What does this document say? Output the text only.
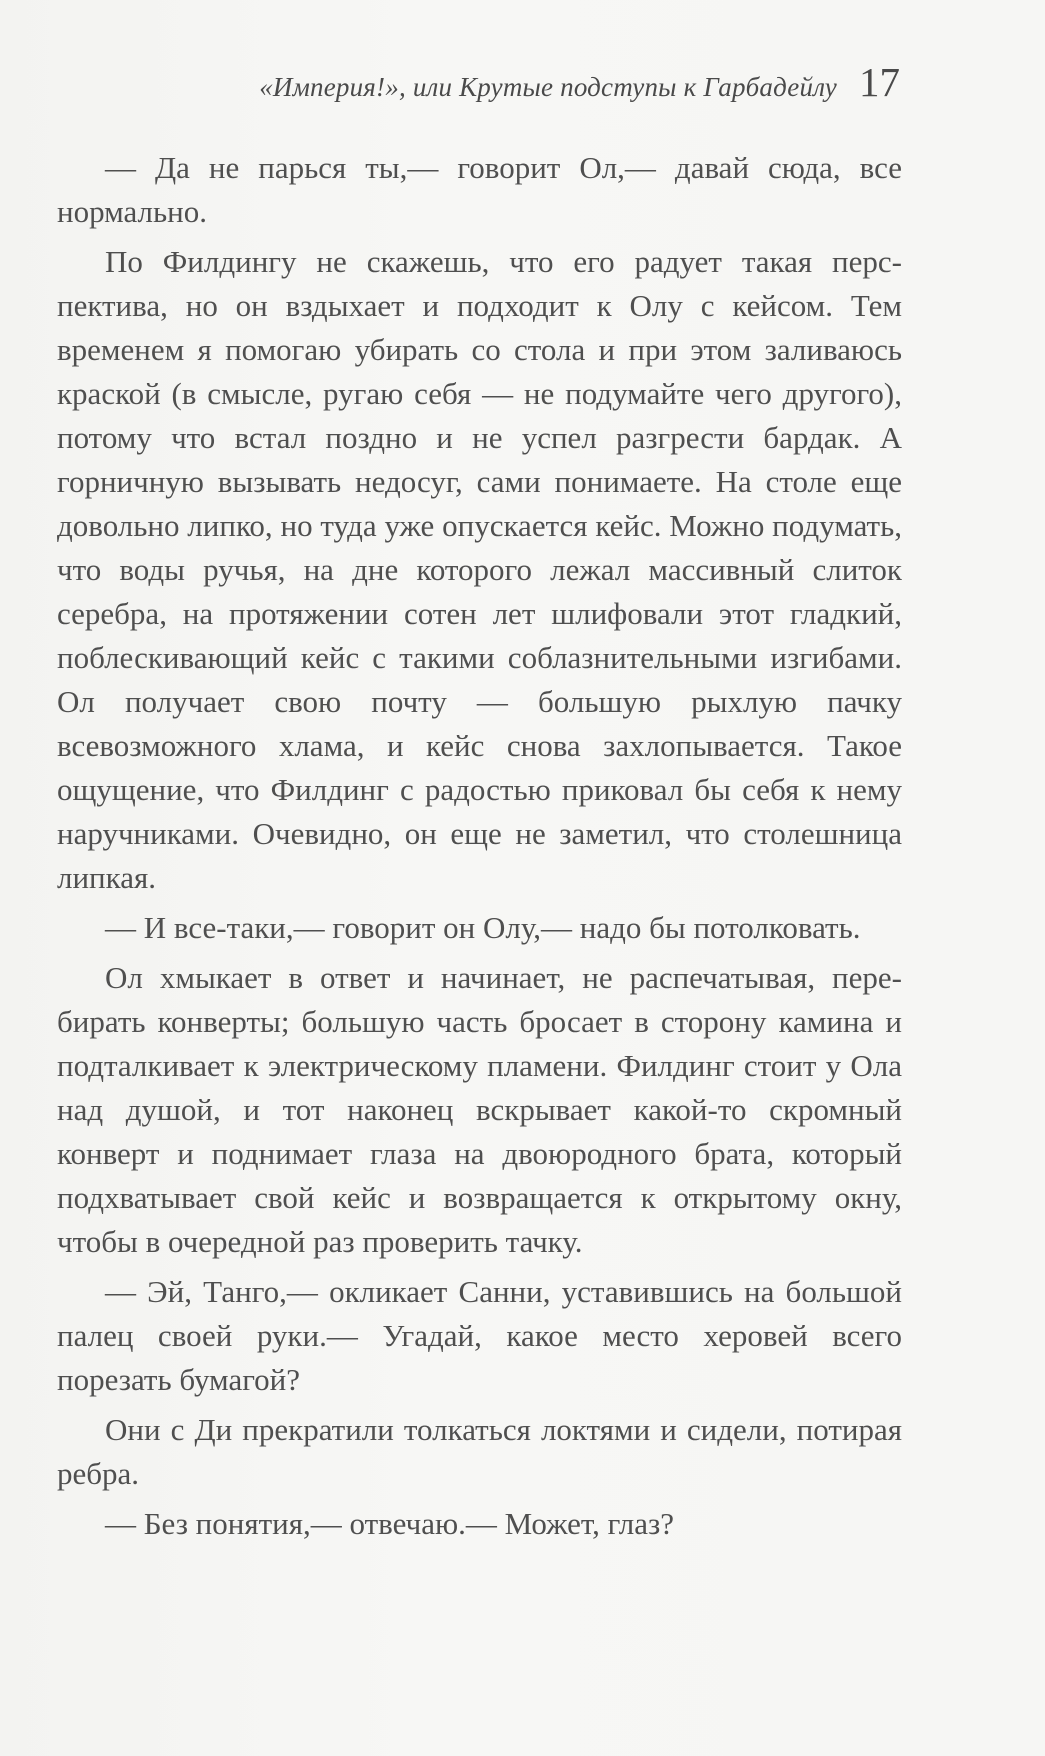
«Империя!», или Крутые подступы к Гарбадейлу 17

— Да не парься ты,— говорит Ол,— давай сюда, все нормально.

По Филдингу не скажешь, что его радует такая перспектива, но он вздыхает и подходит к Олу с кейсом. Тем временем я помогаю убирать со стола и при этом заливаюсь краской (в смысле, ругаю себя — не подумайте чего другого), потому что встал поздно и не успел разгрести бардак. А горничную вызывать недосуг, сами понимаете. На столе еще довольно липко, но туда уже опускается кейс. Можно подумать, что воды ручья, на дне которого лежал массивный слиток серебра, на протяжении сотен лет шлифовали этот гладкий, поблескивающий кейс с такими соблазнительными изгибами. Ол получает свою почту — большую рыхлую пачку всевозможного хлама, и кейс снова захлопывается. Такое ощущение, что Филдинг с радостью приковал бы себя к нему наручниками. Очевидно, он еще не заметил, что столешница липкая.

— И все-таки,— говорит он Олу,— надо бы потолковать.

Ол хмыкает в ответ и начинает, не распечатывая, перебирать конверты; большую часть бросает в сторону камина и подталкивает к электрическому пламени. Филдинг стоит у Ола над душой, и тот наконец вскрывает какой-то скромный конверт и поднимает глаза на двоюродного брата, который подхватывает свой кейс и возвращается к открытому окну, чтобы в очередной раз проверить тачку.

— Эй, Танго,— окликает Санни, уставившись на большой палец своей руки.— Угадай, какое место херовей всего порезать бумагой?

Они с Ди прекратили толкаться локтями и сидели, потирая ребра.

— Без понятия,— отвечаю.— Может, глаз?
